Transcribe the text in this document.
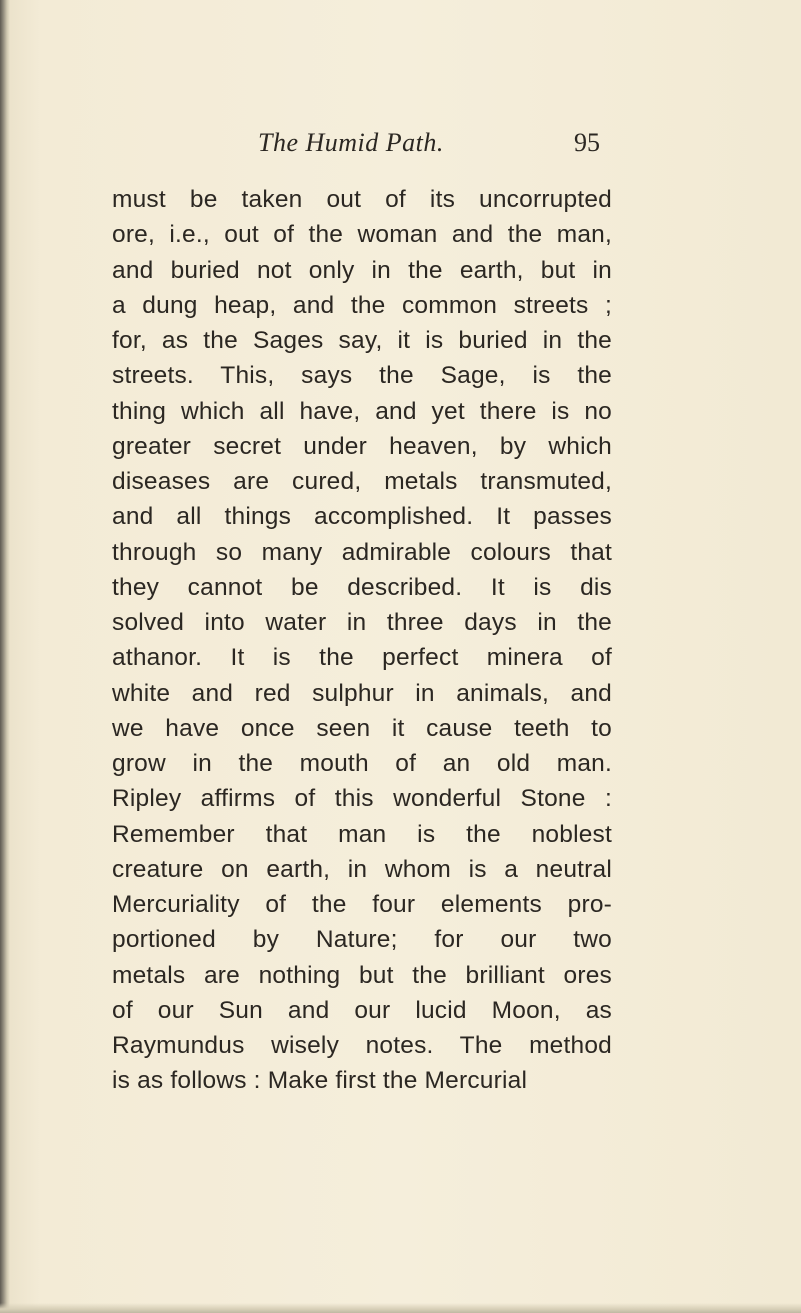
The Humid Path.	95
must be taken out of its uncorrupted
ore, i.e., out of the woman and the man,
and buried not only in the earth, but in
a dung heap, and the common streets ;
for, as the Sages say, it is buried in the
streets. This, says the Sage, is the
thing which all have, and yet there is no
greater secret under heaven, by which
diseases are cured, metals transmuted,
and all things accomplished. It passes
through so many admirable colours that
they cannot be described. It is dis
solved into water in three days in the
athanor. It is the perfect minera of
white and red sulphur in animals, and
we have once seen it cause teeth to
grow in the mouth of an old man.
Ripley affirms of this wonderful Stone :
Remember that man is the noblest
creature on earth, in whom is a neutral
Mercuriality of the four elements pro-
portioned by Nature; for our two
metals are nothing but the brilliant ores
of our Sun and our lucid Moon, as
Raymundus wisely notes. The method
is as follows : Make first the Mercurial
